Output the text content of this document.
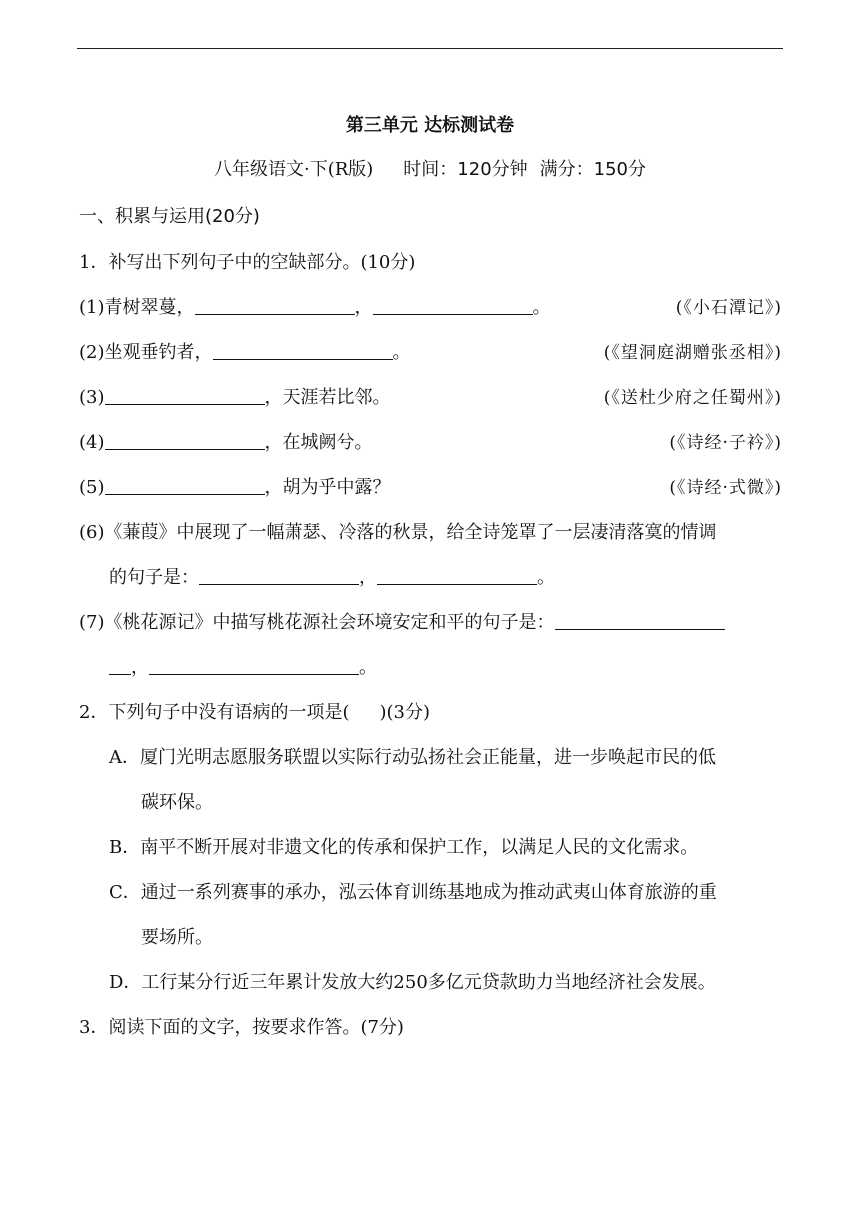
第三单元 达标测试卷
八年级语文·下(R版) 时间：120分钟 满分：150分
一、积累与运用(20分)
1．补写出下列句子中的空缺部分。(10分)
(1)青树翠蔓，	，	。	(《小石潭记》)
(2)坐观垂钓者，	。	(《望洞庭湖赠张丞相》)
(3)	，天涯若比邻。	(《送杜少府之任蜀州》)
(4)	，在城阙兮。	(《诗经·子衿》)
(5)	，胡为乎中露？	(《诗经·式微》)
(6)《蒹葭》中展现了一幅萧瑟、冷落的秋景，给全诗笼罩了一层凄清落寞的情调
的句子是：	，	。
(7)《桃花源记》中描写桃花源社会环境安定和平的句子是：
，	。
2．下列句子中没有语病的一项是( )(3分)
A．厦门光明志愿服务联盟以实际行动弘扬社会正能量，进一步唤起市民的低
碳环保。
B．南平不断开展对非遗文化的传承和保护工作，以满足人民的文化需求。
C．通过一系列赛事的承办，泓云体育训练基地成为推动武夷山体育旅游的重
要场所。
D．工行某分行近三年累计发放大约250多亿元贷款助力当地经济社会发展。
3．阅读下面的文字，按要求作答。(7分)
